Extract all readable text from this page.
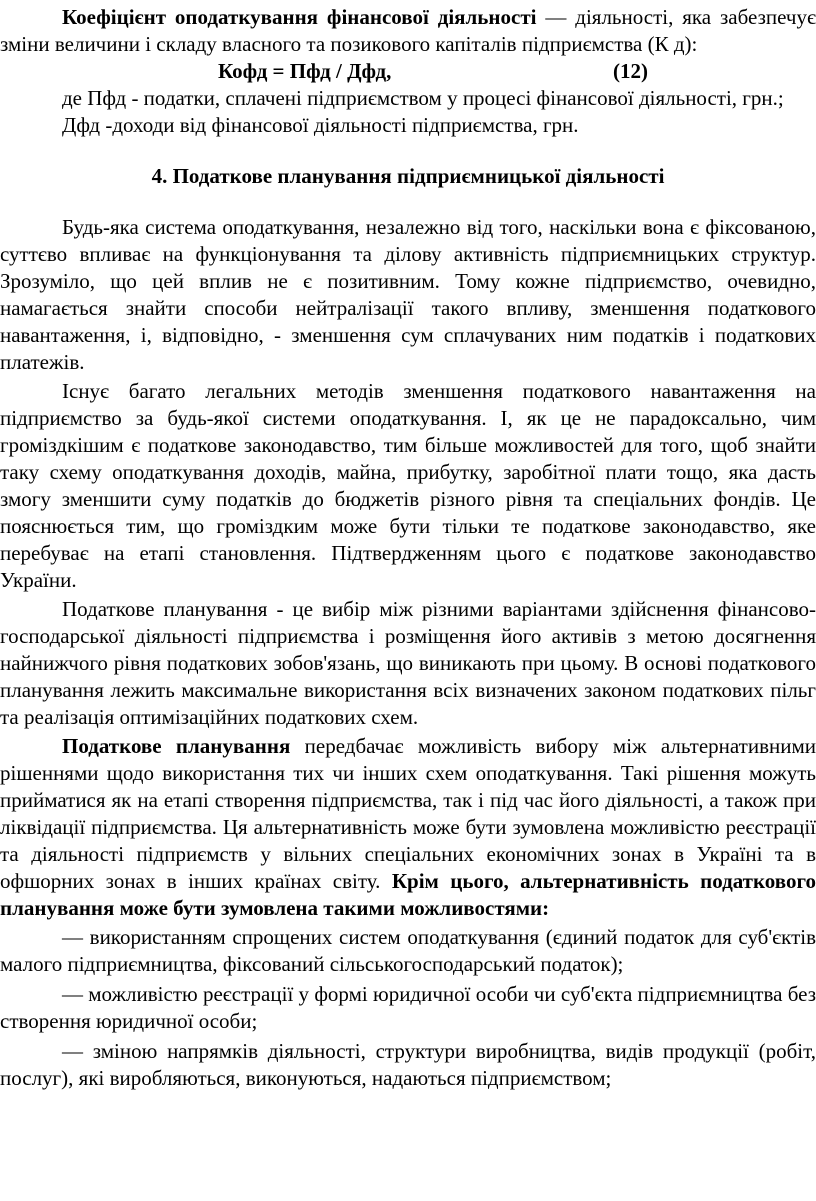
Коефіцієнт оподаткування фінансової діяльності — діяльності, яка забезпечує зміни величини і складу власного та позикового капіталів підприємства (К д):

Кофд = Пфд / Дфд,	(12)

де Пфд - податки, сплачені підприємством у процесі фінансової діяльності, грн.;

Дфд -доходи від фінансової діяльності підприємства, грн.

4. Податкове планування підприємницької діяльності

Будь-яка система оподаткування, незалежно від того, наскільки вона є фіксованою, суттєво впливає на функціонування та ділову активність підприємницьких структур. Зрозуміло, що цей вплив не є позитивним. Тому кожне підприємство, очевидно, намагається знайти способи нейтралізації такого впливу, зменшення податкового навантаження, і, відповідно, - зменшення сум сплачуваних ним податків і податкових платежів.

Існує багато легальних методів зменшення податкового навантаження на підприємство за будь-якої системи оподаткування. І, як це не парадоксально, чим громіздкішим є податкове законодавство, тим більше можливостей для того, щоб знайти таку схему оподаткування доходів, майна, прибутку, заробітної плати тощо, яка дасть змогу зменшити суму податків до бюджетів різного рівня та спеціальних фондів. Це пояснюється тим, що громіздким може бути тільки те податкове законодавство, яке перебуває на етапі становлення. Підтвердженням цього є податкове законодавство України.

Податкове планування - це вибір між різними варіантами здійснення фінансово-господарської діяльності підприємства і розміщення його активів з метою досягнення найнижчого рівня податкових зобов'язань, що виникають при цьому. В основі податкового планування лежить максимальне використання всіх визначених законом податкових пільг та реалізація оптимізаційних податкових схем.

Податкове планування передбачає можливість вибору між альтернативними рішеннями щодо використання тих чи інших схем оподаткування. Такі рішення можуть прийматися як на етапі створення підприємства, так і під час його діяльності, а також при ліквідації підприємства. Ця альтернативність може бути зумовлена можливістю реєстрації та діяльності підприємств у вільних спеціальних економічних зонах в Україні та в офшорних зонах в інших країнах світу. Крім цього, альтернативність податкового планування може бути зумовлена такими можливостями:

— використанням спрощених систем оподаткування (єдиний податок для суб'єктів малого підприємництва, фіксований сільськогосподарський податок);

— можливістю реєстрації у формі юридичної особи чи суб'єкта підприємництва без створення юридичної особи;

— зміною напрямків діяльності, структури виробництва, видів продукції (робіт, послуг), які виробляються, виконуються, надаються підприємством;
